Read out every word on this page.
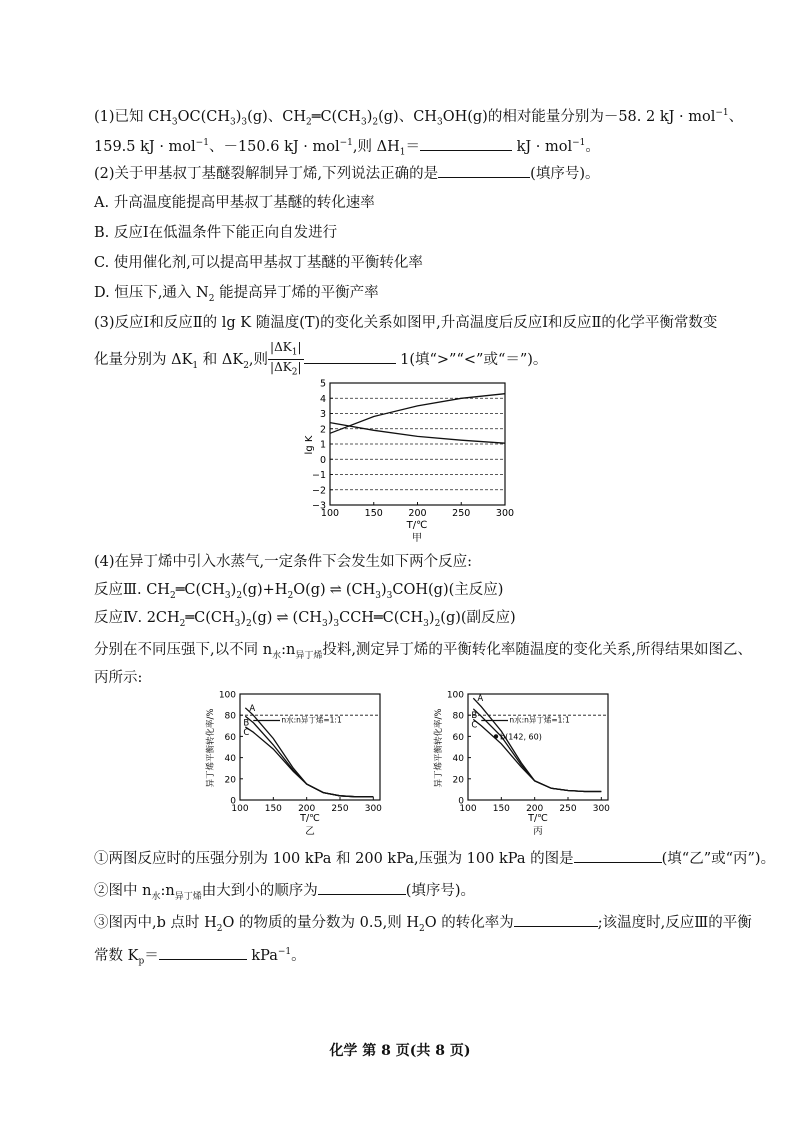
(1)已知 $CH_3OC(CH_3)_3(g)$、$CH_2═C(CH_3)_2(g)$、$CH_3OH(g)$的相对能量分别为－58. 2 kJ · mol$^{-1}$、
159.5 kJ · mol$^{-1}$、－150.6 kJ · mol$^{-1}$,则 $\Delta H_1=$	kJ · mol$^{-1}$。
(2)关于甲基叔丁基醚裂解制异丁烯,下列说法正确的是	(填序号)。
A. 升高温度能提高甲基叔丁基醚的转化速率
B. 反应Ⅰ在低温条件下能正向自发进行
C. 使用催化剂,可以提高甲基叔丁基醚的平衡转化率
D. 恒压下,通入 $N_2$ 能提高异丁烯的平衡产率
(3)反应Ⅰ和反应Ⅱ的 lg K 随温度(T)的变化关系如图甲,升高温度后反应Ⅰ和反应Ⅱ的化学平衡常数变
化量分别为 $\Delta K_1$ 和 $\Delta K_2$,则 $\frac{|\Delta K_1|}{|\Delta K_2|}$	1(填“>”“<”或“＝”)。
−3
−2
−1
0
1
2
3
4
5
100	150	200	250	300
lg K
T/℃
甲
(4)在异丁烯中引入水蒸气,一定条件下会发生如下两个反应:
反应Ⅲ. $CH_2═C(CH_3)_2(g)+H_2O(g)$ ⇌ $(CH_3)_3COH(g)$(主反应)
反应Ⅳ. $2CH_2═C(CH_3)_2(g)$ ⇌ $(CH_3)_3CCH═C(CH_3)_2(g)$(副反应)
分别在不同压强下,以不同 $n_水:n_{异丁烯}$投料,测定异丁烯的平衡转化率随温度的变化关系,所得结果如图乙、
丙所示:
0
20
40
60
80
100
100 150 200 250 300
异丁烯平衡转化率/%
T/℃
乙
A
B
C
n水:n异丁烯=1:1
0
20
40
60
80
100
100 150 200 250 300
异丁烯平衡转化率/%
T/℃
丙
A
B
C
n水:n异丁烯=1:1
b(142, 60)
①两图反应时的压强分别为 100 kPa 和 200 kPa,压强为 100 kPa 的图是	(填“乙”或“丙”)。
②图中 $n_水:n_{异丁烯}$由大到小的顺序为	(填序号)。
③图丙中,b 点时 $H_2O$ 的物质的量分数为 0.5,则 $H_2O$ 的转化率为	;该温度时,反应Ⅲ的平衡
常数 $K_p=$	kPa$^{-1}$。
化学 第 8 页(共 8 页)
